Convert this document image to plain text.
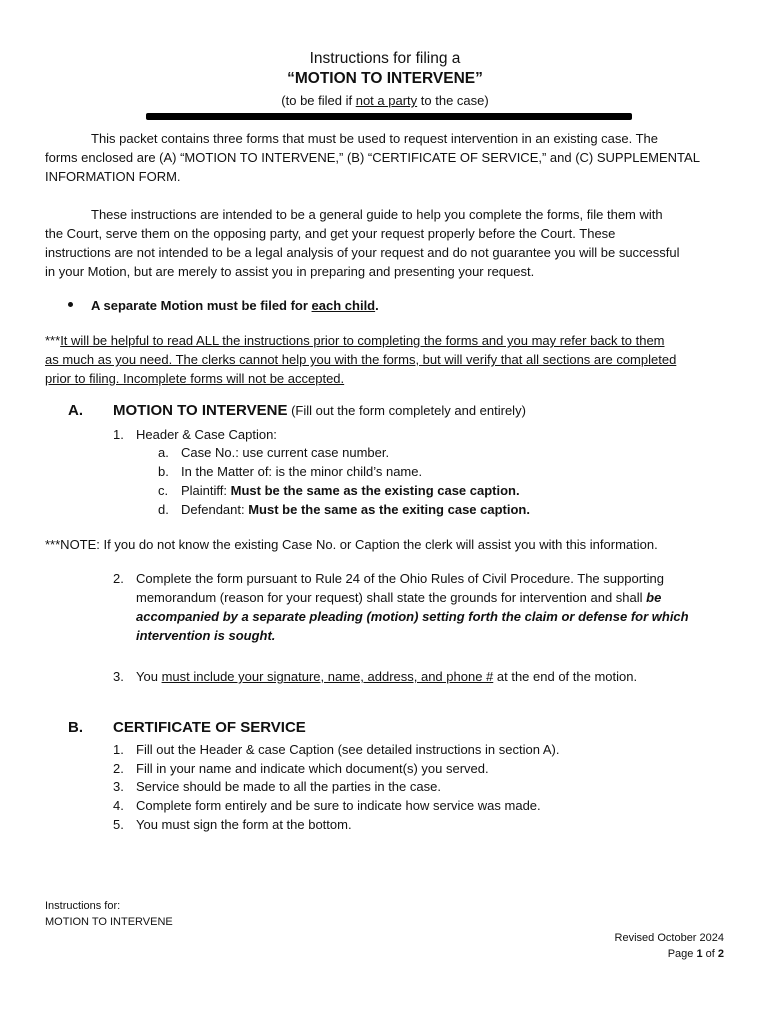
Instructions for filing a
“MOTION TO INTERVENE”
(to be filed if not a party to the case)
This packet contains three forms that must be used to request intervention in an existing case. The
forms enclosed are (A) “MOTION TO INTERVENE,” (B) “CERTIFICATE OF SERVICE,” and (C) SUPPLEMENTAL
INFORMATION FORM.
These instructions are intended to be a general guide to help you complete the forms, file them with
the Court, serve them on the opposing party, and get your request properly before the Court. These
instructions are not intended to be a legal analysis of your request and do not guarantee you will be successful
in your Motion, but are merely to assist you in preparing and presenting your request.
A separate Motion must be filed for each child.
***It will be helpful to read ALL the instructions prior to completing the forms and you may refer back to them
as much as you need. The clerks cannot help you with the forms, but will verify that all sections are completed
prior to filing. Incomplete forms will not be accepted.
A. MOTION TO INTERVENE (Fill out the form completely and entirely)
1. Header & Case Caption:
a. Case No.: use current case number.
b. In the Matter of: is the minor child’s name.
c. Plaintiff: Must be the same as the existing case caption.
d. Defendant: Must be the same as the exiting case caption.
***NOTE: If you do not know the existing Case No. or Caption the clerk will assist you with this information.
2. Complete the form pursuant to Rule 24 of the Ohio Rules of Civil Procedure. The supporting
memorandum (reason for your request) shall state the grounds for intervention and shall be
accompanied by a separate pleading (motion) setting forth the claim or defense for which
intervention is sought.
3. You must include your signature, name, address, and phone # at the end of the motion.
B. CERTIFICATE OF SERVICE
1. Fill out the Header & case Caption (see detailed instructions in section A).
2. Fill in your name and indicate which document(s) you served.
3. Service should be made to all the parties in the case.
4. Complete form entirely and be sure to indicate how service was made.
5. You must sign the form at the bottom.
Instructions for:
MOTION TO INTERVENE
Revised October 2024
Page 1 of 2
